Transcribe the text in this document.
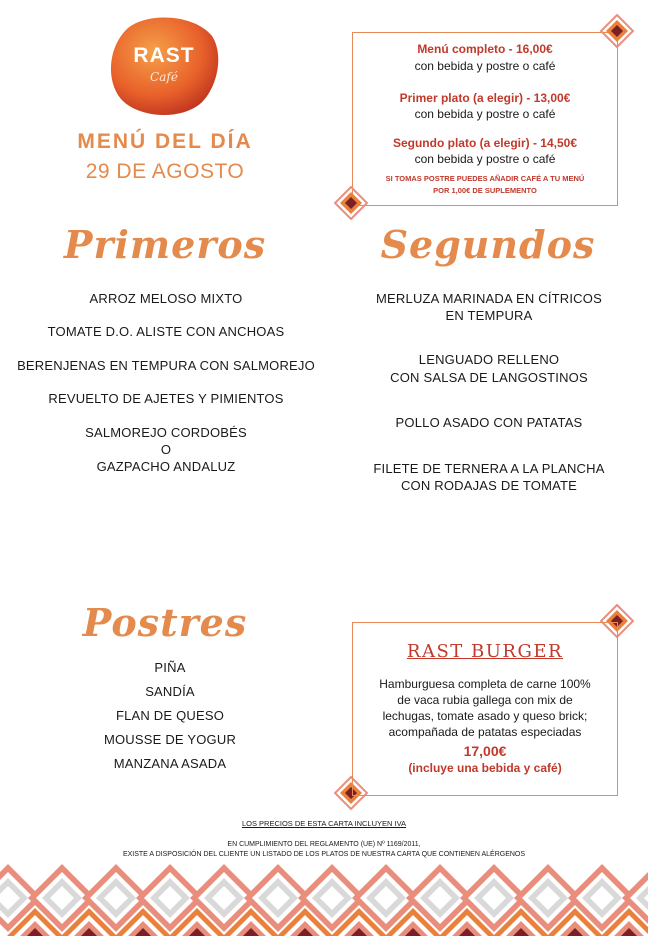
RAST
Café
MENÚ DEL DÍA
29 DE AGOSTO
Menú completo - 16,00€
con bebida y postre o café
Primer plato (a elegir) - 13,00€
con bebida y postre o café
Segundo plato (a elegir) - 14,50€
con bebida y postre o café
SI TOMAS POSTRE PUEDES AÑADIR CAFÉ A TU MENÚ
POR 1,00€ DE SUPLEMENTO
Primeros
ARROZ MELOSO MIXTO
TOMATE D.O. ALISTE CON ANCHOAS
BERENJENAS EN TEMPURA CON SALMOREJO
REVUELTO DE AJETES Y PIMIENTOS
SALMOREJO CORDOBÉS
O
GAZPACHO ANDALUZ
Segundos
MERLUZA MARINADA EN CÍTRICOS
EN TEMPURA
LENGUADO RELLENO
CON SALSA DE LANGOSTINOS
POLLO ASADO CON PATATAS
FILETE DE TERNERA A LA PLANCHA
CON RODAJAS DE TOMATE
Postres
PIÑA
SANDÍA
FLAN DE QUESO
MOUSSE DE YOGUR
MANZANA ASADA
RAST BURGER
Hamburguesa completa de carne 100%
de vaca rubia gallega con mix de
lechugas, tomate asado y queso brick;
acompañada de patatas especiadas
17,00€
(incluye una bebida y café)
LOS PRECIOS DE ESTA CARTA INCLUYEN IVA
EN CUMPLIMIENTO DEL REGLAMENTO (UE) Nº 1169/2011,
EXISTE A DISPOSICIÓN DEL CLIENTE UN LISTADO DE LOS PLATOS DE NUESTRA CARTA QUE CONTIENEN ALÉRGENOS
